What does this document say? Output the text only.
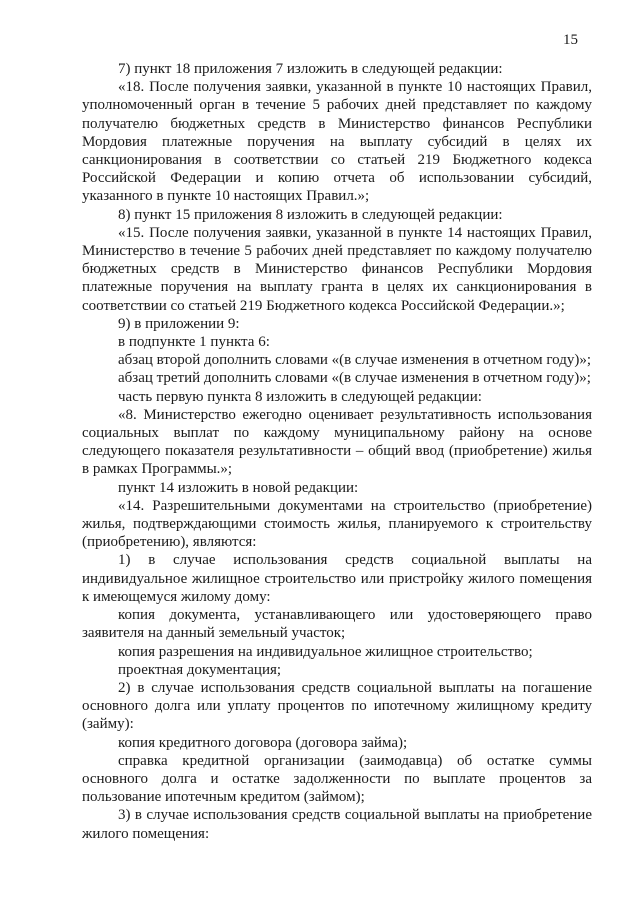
15

7) пункт 18 приложения 7 изложить в следующей редакции:

«18. После получения заявки, указанной в пункте 10 настоящих Правил, уполномоченный орган в течение 5 рабочих дней представляет по каждому получателю бюджетных средств в Министерство финансов Республики Мордовия платежные поручения на выплату субсидий в целях их санкционирования в соответствии со статьей 219 Бюджетного кодекса Российской Федерации и копию отчета об использовании субсидий, указанного в пункте 10 настоящих Правил.»;

8) пункт 15 приложения 8 изложить в следующей редакции:

«15. После получения заявки, указанной в пункте 14 настоящих Правил, Министерство в течение 5 рабочих дней представляет по каждому получателю бюджетных средств в Министерство финансов Республики Мордовия платежные поручения на выплату гранта в целях их санкционирования в соответствии со статьей 219 Бюджетного кодекса Российской Федерации.»;

9) в приложении 9:

в подпункте 1 пункта 6:

абзац второй дополнить словами «(в случае изменения в отчетном году)»;

абзац третий дополнить словами «(в случае изменения в отчетном году)»;

часть первую пункта 8 изложить в следующей редакции:

«8. Министерство ежегодно оценивает результативность использования социальных выплат по каждому муниципальному району на основе следующего показателя результативности – общий ввод (приобретение) жилья в рамках Программы.»;

пункт 14 изложить в новой редакции:

«14. Разрешительными документами на строительство (приобретение) жилья, подтверждающими стоимость жилья, планируемого к строительству (приобретению), являются:

1) в случае использования средств социальной выплаты на индивидуальное жилищное строительство или пристройку жилого помещения к имеющемуся жилому дому:

копия документа, устанавливающего или удостоверяющего право заявителя на данный земельный участок;

копия разрешения на индивидуальное жилищное строительство;

проектная документация;

2) в случае использования средств социальной выплаты на погашение основного долга или уплату процентов по ипотечному жилищному кредиту (займу):

копия кредитного договора (договора займа);

справка кредитной организации (заимодавца) об остатке суммы основного долга и остатке задолженности по выплате процентов за пользование ипотечным кредитом (займом);

3) в случае использования средств социальной выплаты на приобретение жилого помещения:
